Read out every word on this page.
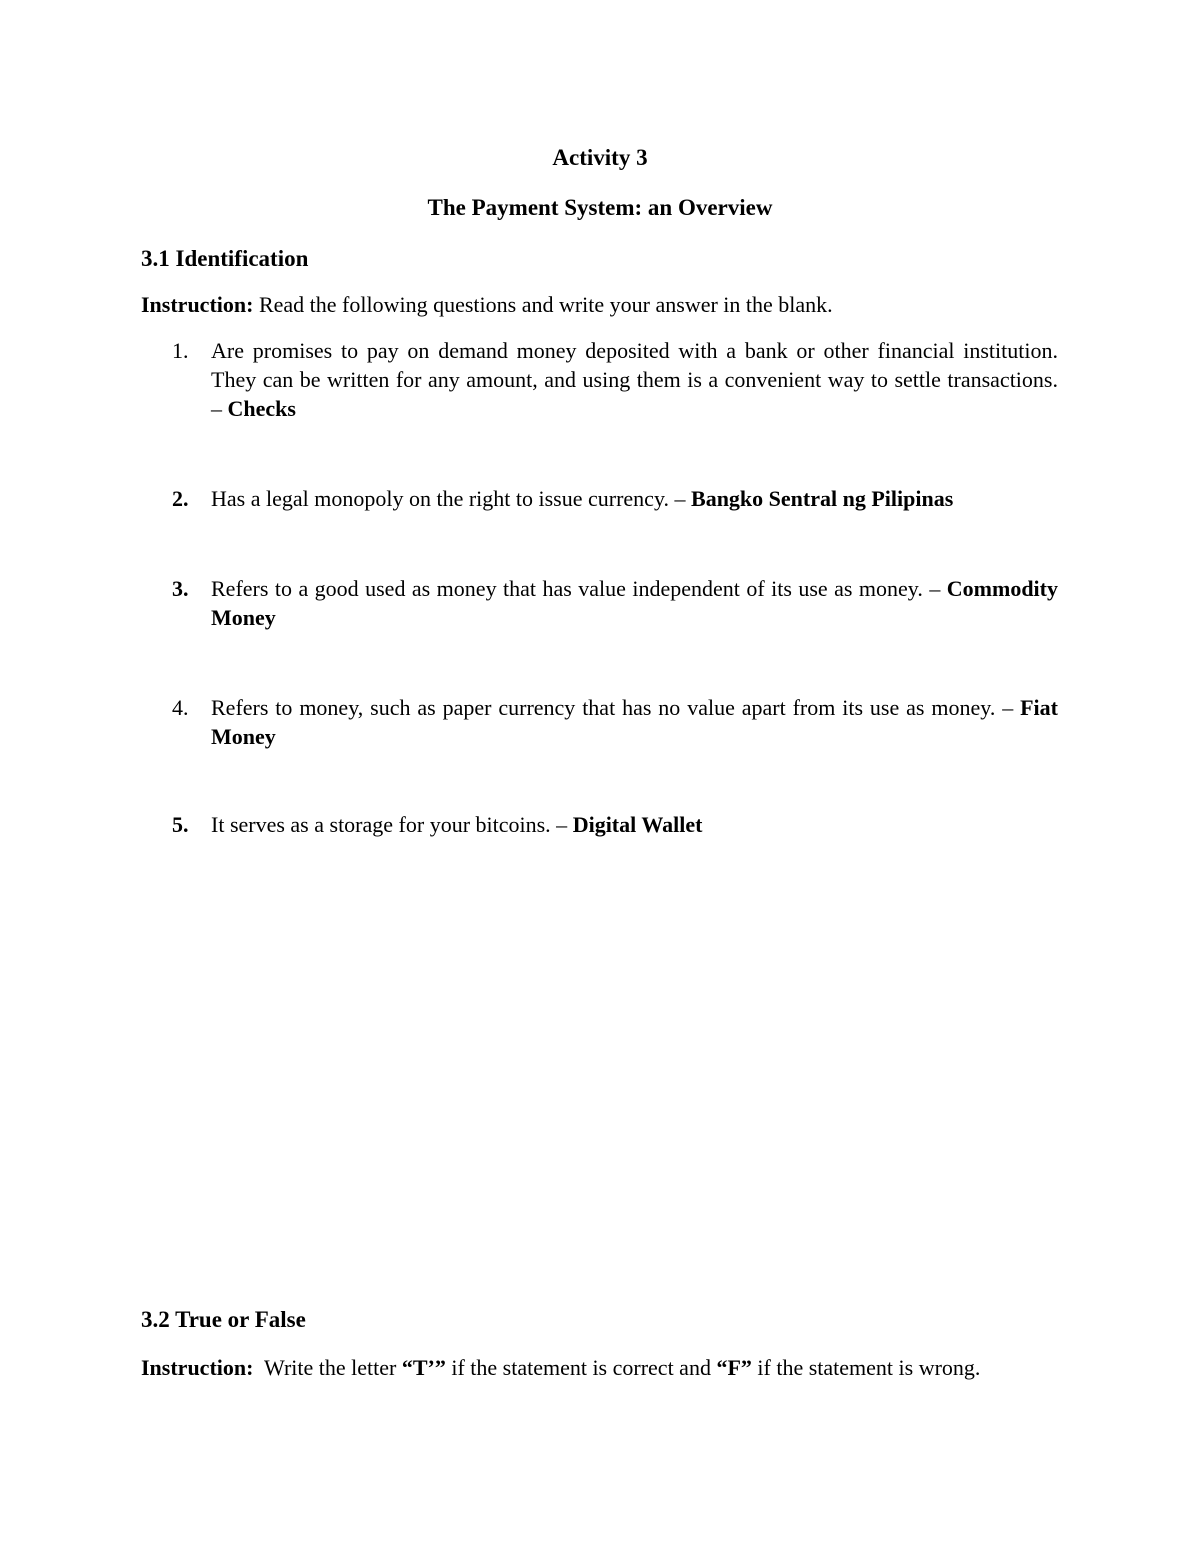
Activity 3
The Payment System: an Overview
3.1 Identification
Instruction: Read the following questions and write your answer in the blank.
1.	Are promises to pay on demand money deposited with a bank or other financial institution. They can be written for any amount, and using them is a convenient way to settle transactions. – Checks
2.	Has a legal monopoly on the right to issue currency. – Bangko Sentral ng Pilipinas
3.	Refers to a good used as money that has value independent of its use as money. – Commodity Money
4.	Refers to money, such as paper currency that has no value apart from its use as money. – Fiat Money
5.	It serves as a storage for your bitcoins. – Digital Wallet
3.2 True or False
Instruction:  Write the letter “T’” if the statement is correct and “F” if the statement is wrong.
